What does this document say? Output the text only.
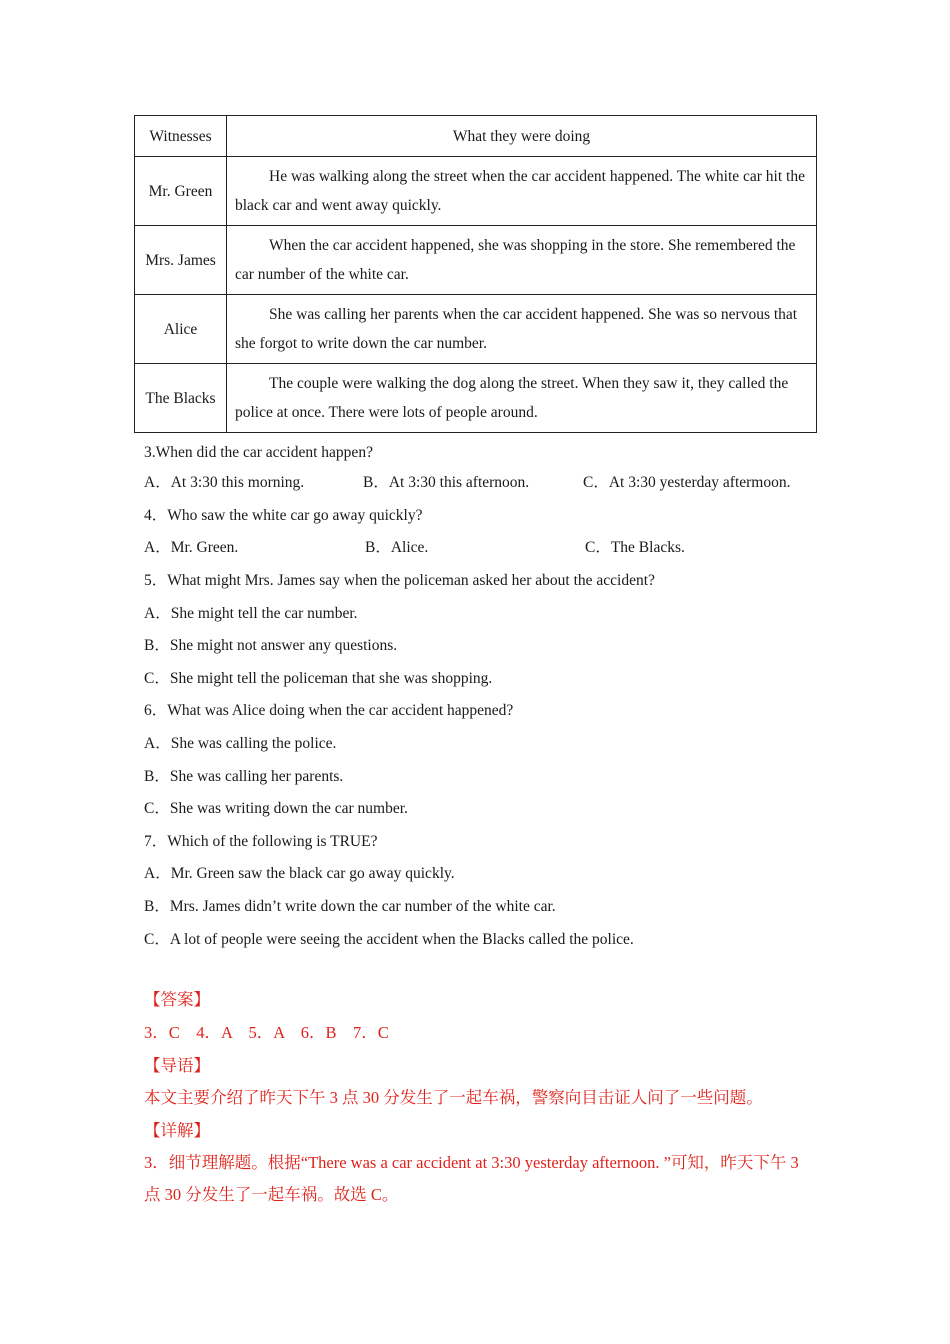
Witnesses	What they were doing
Mr. Green	He was walking along the street when the car accident happened. The white car hit the black car and went away quickly.
Mrs. James	When the car accident happened, she was shopping in the store. She remembered the car number of the white car.
Alice	She was calling her parents when the car accident happened. She was so nervous that she forgot to write down the car number.
The Blacks	The couple were walking the dog along the street. When they saw it, they called the police at once. There were lots of people around.
3.When did the car accident happen?
A．At 3:30 this morning.	B．At 3:30 this afternoon.	C．At 3:30 yesterday aftermoon.
4．Who saw the white car go away quickly?
A．Mr. Green.	B．Alice.	C．The Blacks.
5．What might Mrs. James say when the policeman asked her about the accident?
A．She might tell the car number.
B．She might not answer any questions.
C．She might tell the policeman that she was shopping.
6．What was Alice doing when the car accident happened?
A．She was calling the police.
B．She was calling her parents.
C．She was writing down the car number.
7．Which of the following is TRUE?
A．Mr. Green saw the black car go away quickly.
B．Mrs. James didn’t write down the car number of the white car.
C．A lot of people were seeing the accident when the Blacks called the police.
【答案】
3．C　4．A　5．A　6．B　7．C
【导语】
本文主要介绍了昨天下午 3 点 30 分发生了一起车祸，警察向目击证人问了一些问题。
【详解】
3．细节理解题。根据“There was a car accident at 3:30 yesterday afternoon. ”可知，昨天下午 3 点 30 分发生了一起车祸。故选 C。
